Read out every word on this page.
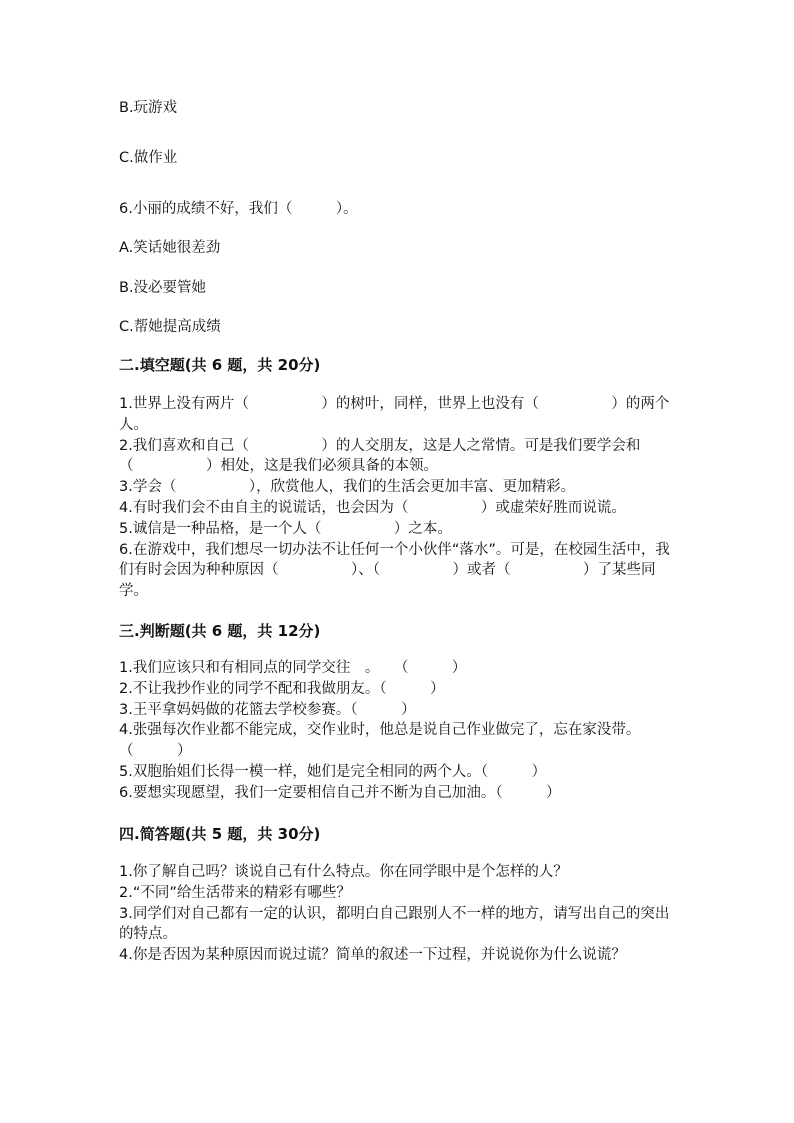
B.玩游戏
C.做作业
6.小丽的成绩不好，我们（　　　）。
A.笑话她很差劲
B.没必要管她
C.帮她提高成绩
二.填空题(共 6 题，共 20分)

1.世界上没有两片（　　　　　）的树叶，同样，世界上也没有（　　　　　）的两个人。

2.我们喜欢和自己（　　　　　）的人交朋友，这是人之常情。可是我们要学会和（　　　　　）相处，这是我们必须具备的本领。

3.学会（　　　　　），欣赏他人，我们的生活会更加丰富、更加精彩。

4.有时我们会不由自主的说谎话，也会因为（　　　　　）或虚荣好胜而说谎。

5.诚信是一种品格，是一个人（　　　　　）之本。

6.在游戏中，我们想尽一切办法不让任何一个小伙伴“落水”。可是，在校园生活中，我们有时会因为种种原因（　　　　　）、（　　　　　）或者（　　　　　）了某些同学。

三.判断题(共 6 题，共 12分)

1.我们应该只和有相同点的同学交往　。　　（　　　）

2.不让我抄作业的同学不配和我做朋友。（　　　）

3.王平拿妈妈做的花篮去学校参赛。（　　　）

4.张强每次作业都不能完成，交作业时，他总是说自己作业做完了，忘在家没带。（　　　）

5.双胞胎姐们长得一模一样，她们是完全相同的两个人。（　　　）

6.要想实现愿望，我们一定要相信自己并不断为自己加油。（　　　）

四.简答题(共 5 题，共 30分)

1.你了解自己吗？谈说自己有什么特点。你在同学眼中是个怎样的人？

2.“不同”给生活带来的精彩有哪些？

3.同学们对自己都有一定的认识，都明白自己跟别人不一样的地方，请写出自己的突出的特点。

4.你是否因为某种原因而说过谎？简单的叙述一下过程，并说说你为什么说谎？
